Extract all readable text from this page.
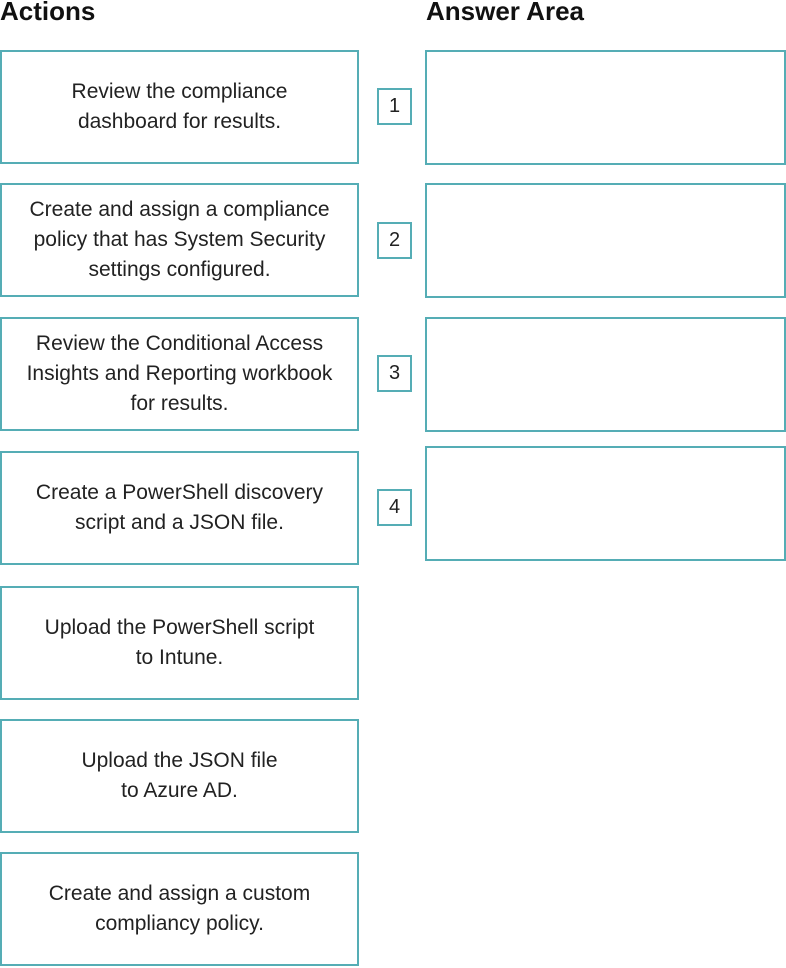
Actions	Answer Area
Review the compliance
dashboard for results.
Create and assign a compliance
policy that has System Security
settings configured.
Review the Conditional Access
Insights and Reporting workbook
for results.
Create a PowerShell discovery
script and a JSON file.
Upload the PowerShell script
to Intune.
Upload the JSON file
to Azure AD.
Create and assign a custom
compliancy policy.
1
2
3
4
